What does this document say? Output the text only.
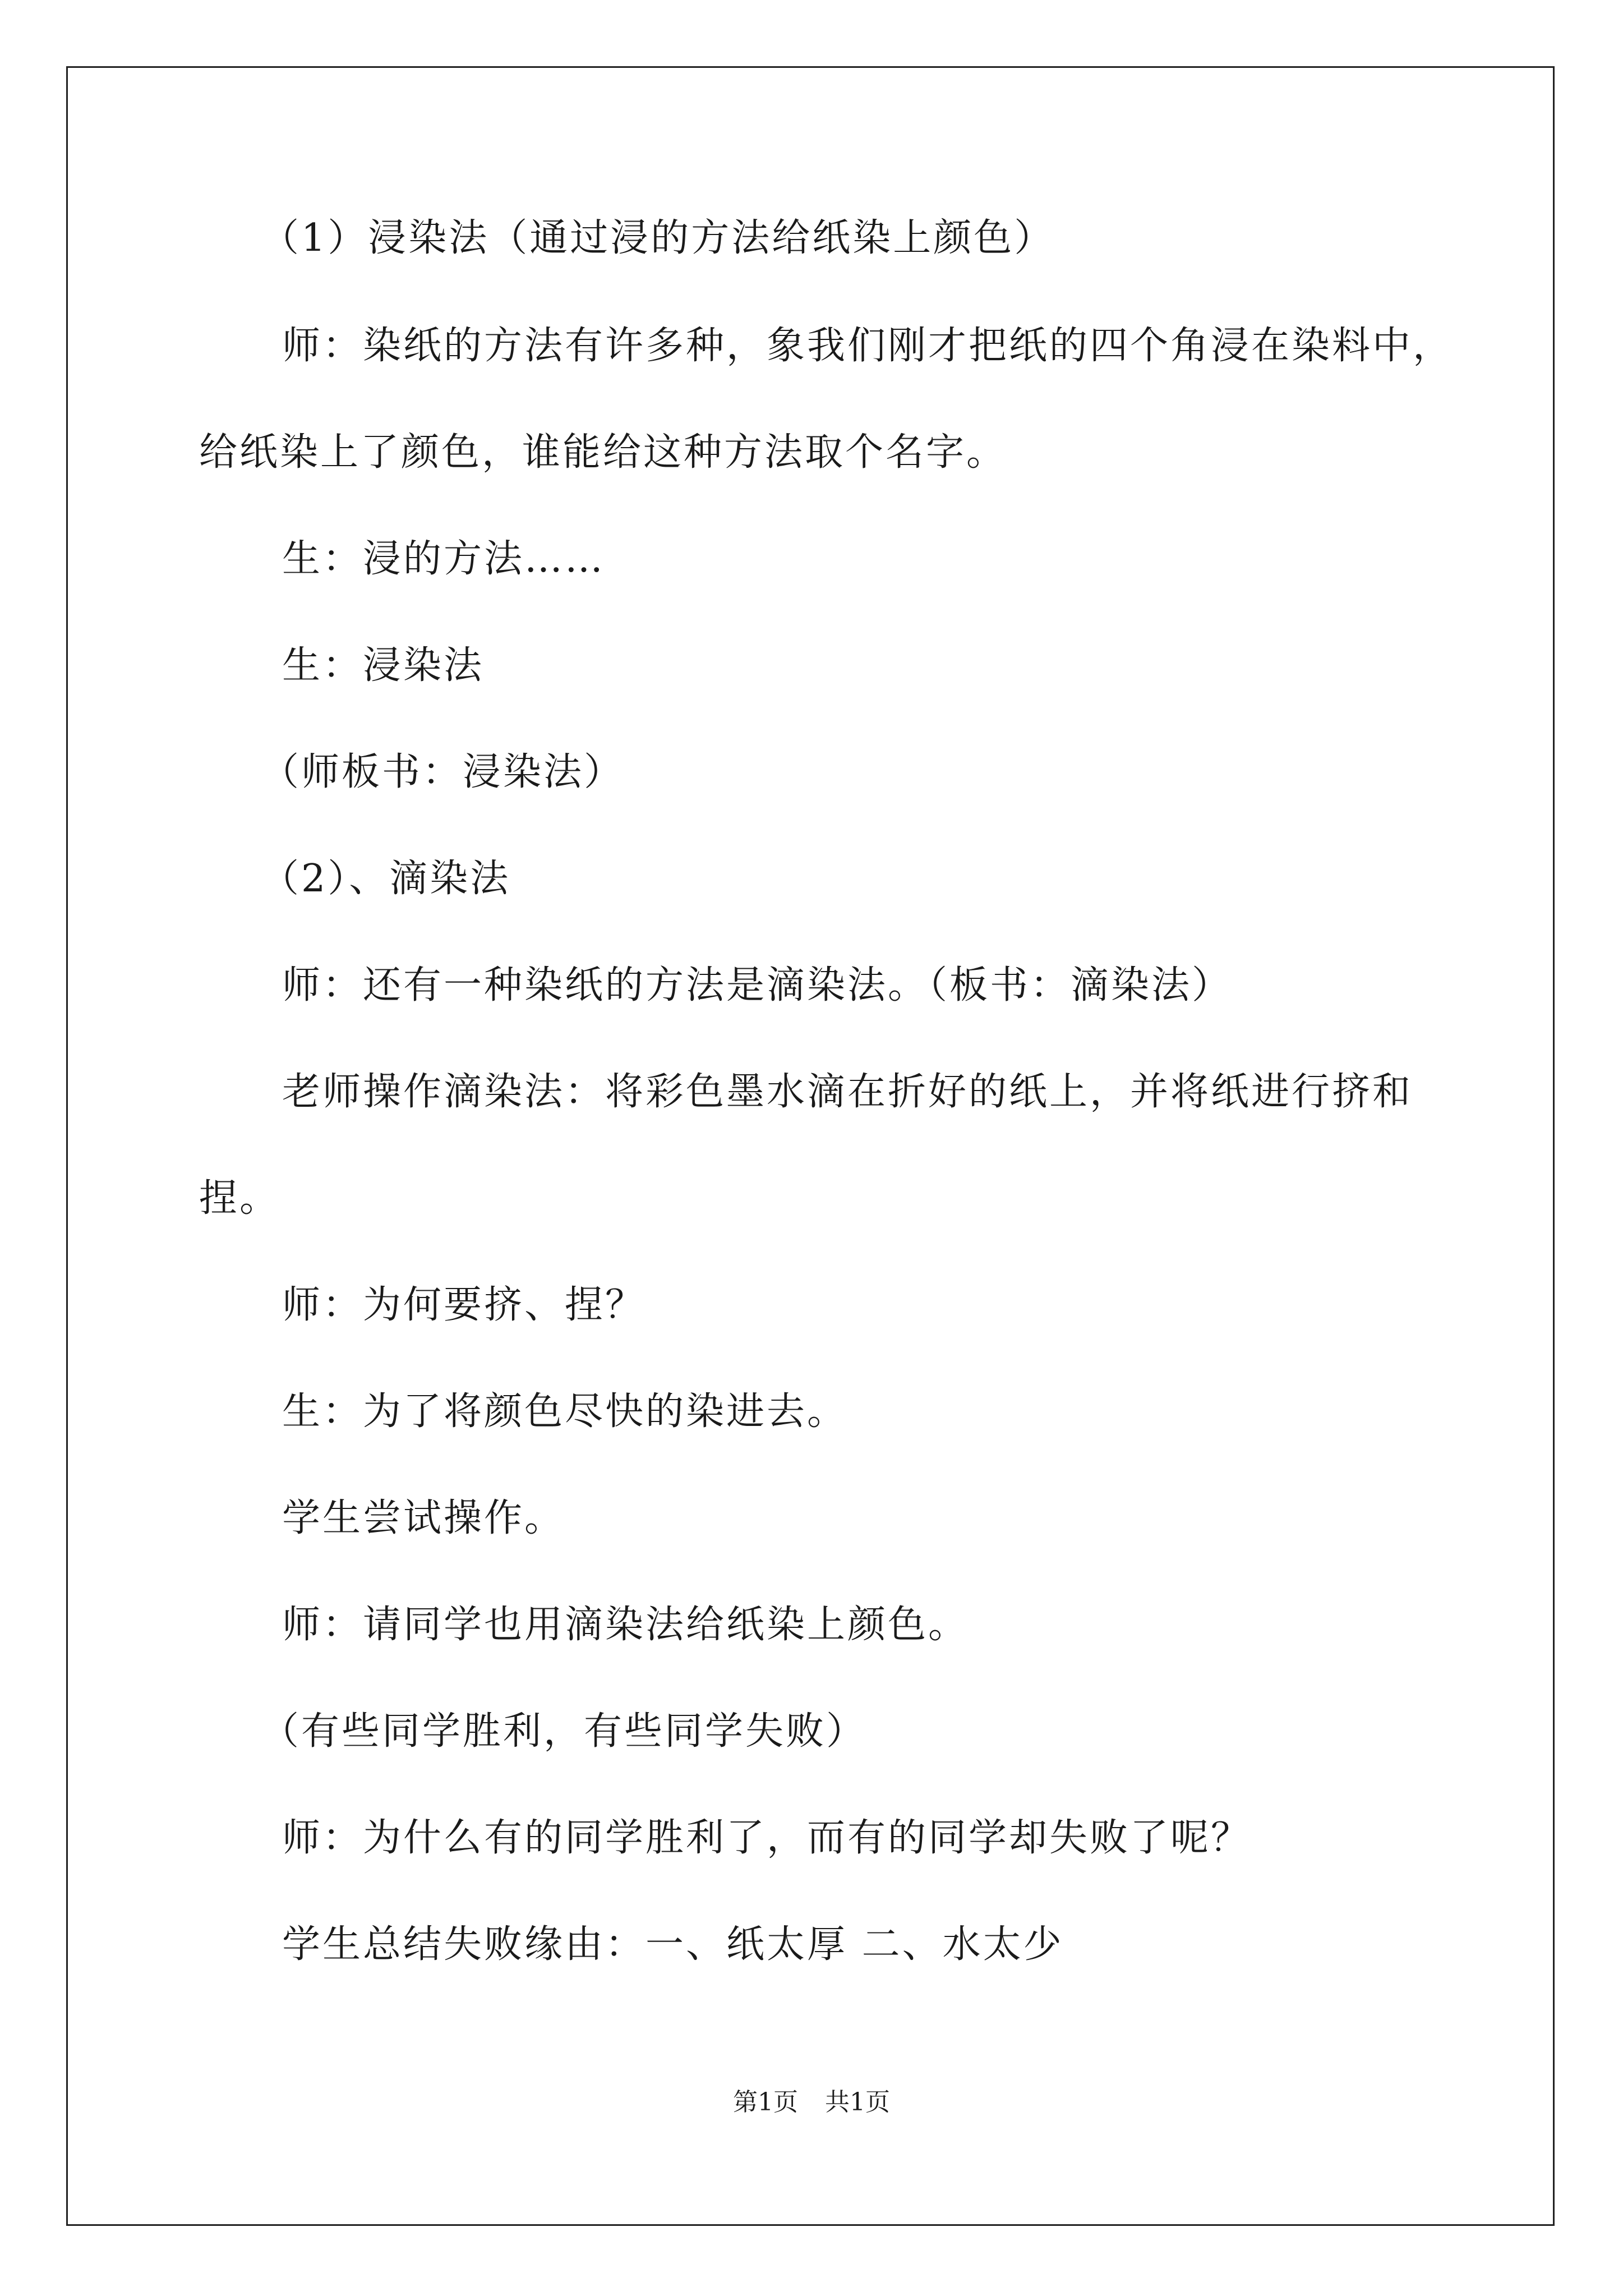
（1）浸染法（通过浸的方法给纸染上颜色）
师：染纸的方法有许多种，象我们刚才把纸的四个角浸在染料中，
给纸染上了颜色，谁能给这种方法取个名字。
生：浸的方法……
生：浸染法
（师板书：浸染法）
（2）、滴染法
师：还有一种染纸的方法是滴染法。（板书：滴染法）
老师操作滴染法：将彩色墨水滴在折好的纸上，并将纸进行挤和
捏。
师：为何要挤、捏？
生：为了将颜色尽快的染进去。
学生尝试操作。
师：请同学也用滴染法给纸染上颜色。
（有些同学胜利，有些同学失败）
师：为什么有的同学胜利了，而有的同学却失败了呢？
学生总结失败缘由：一、纸太厚 二、水太少
第1页 共1页
